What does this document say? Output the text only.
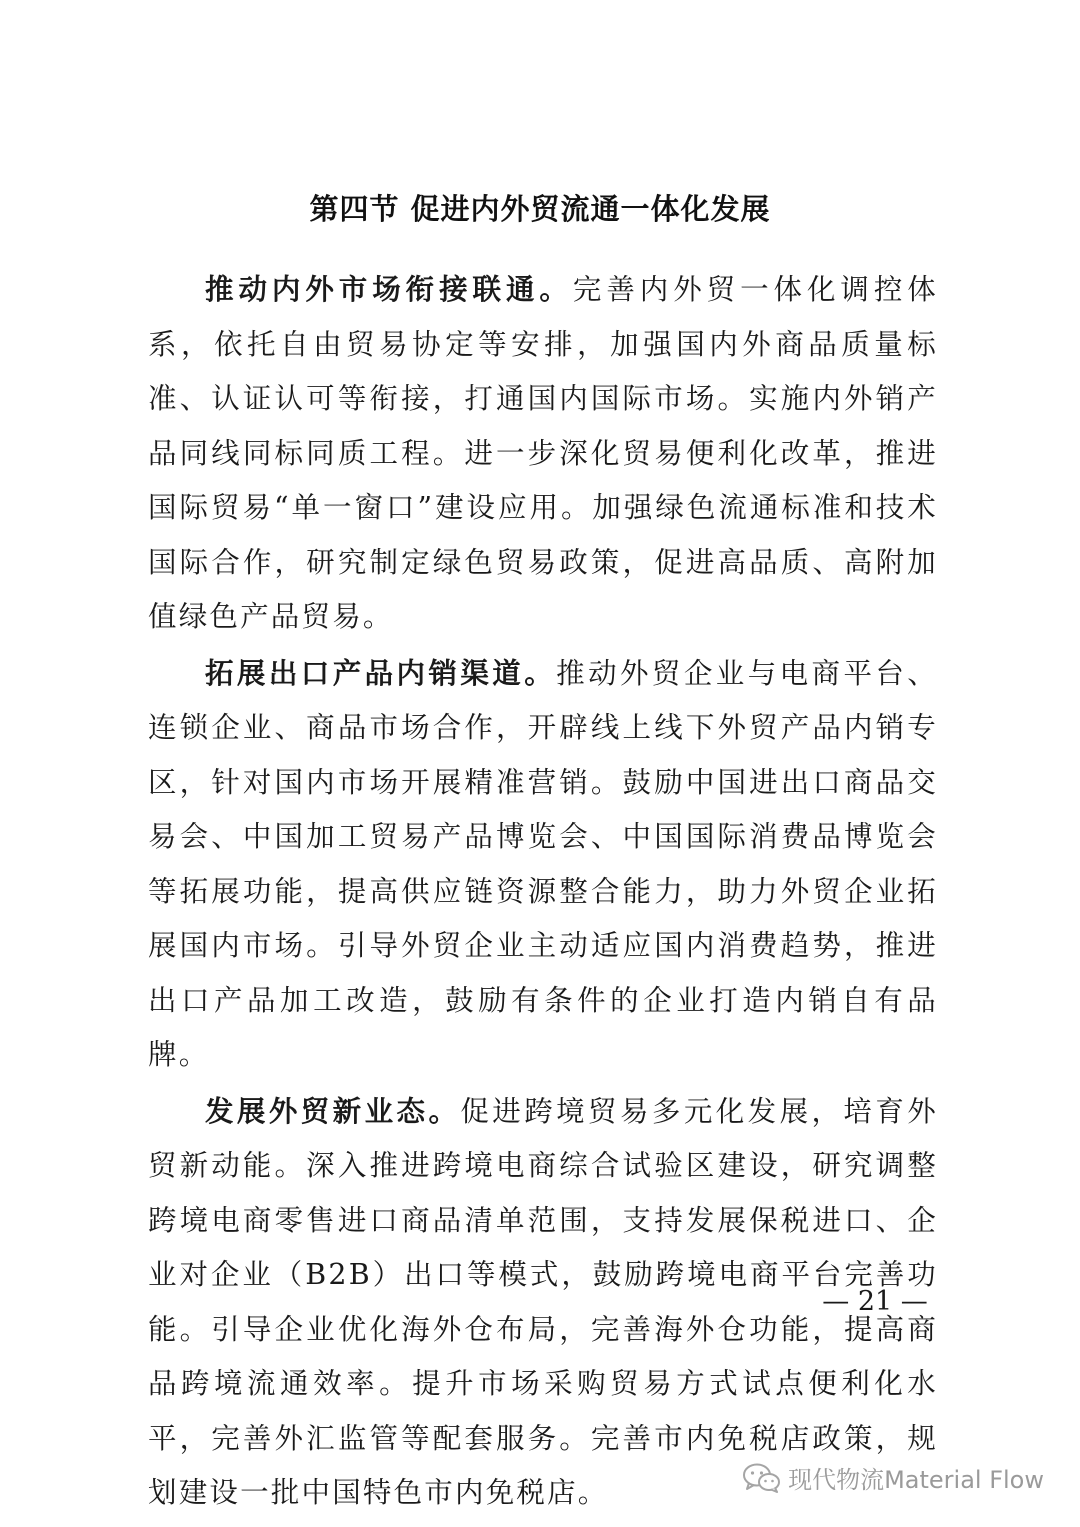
第四节 促进内外贸流通一体化发展

推动内外市场衔接联通。完善内外贸一体化调控体系，依托自由贸易协定等安排，加强国内外商品质量标准、认证认可等衔接，打通国内国际市场。实施内外销产品同线同标同质工程。进一步深化贸易便利化改革，推进国际贸易“单一窗口”建设应用。加强绿色流通标准和技术国际合作，研究制定绿色贸易政策，促进高品质、高附加值绿色产品贸易。

拓展出口产品内销渠道。推动外贸企业与电商平台、连锁企业、商品市场合作，开辟线上线下外贸产品内销专区，针对国内市场开展精准营销。鼓励中国进出口商品交易会、中国加工贸易产品博览会、中国国际消费品博览会等拓展功能，提高供应链资源整合能力，助力外贸企业拓展国内市场。引导外贸企业主动适应国内消费趋势，推进出口产品加工改造，鼓励有条件的企业打造内销自有品牌。

发展外贸新业态。促进跨境贸易多元化发展，培育外贸新动能。深入推进跨境电商综合试验区建设，研究调整跨境电商零售进口商品清单范围，支持发展保税进口、企业对企业（B2B）出口等模式，鼓励跨境电商平台完善功能。引导企业优化海外仓布局，完善海外仓功能，提高商品跨境流通效率。提升市场采购贸易方式试点便利化水平，完善外汇监管等配套服务。完善市内免税店政策，规划建设一批中国特色市内免税店。

— 21 —
现代物流Material Flow
